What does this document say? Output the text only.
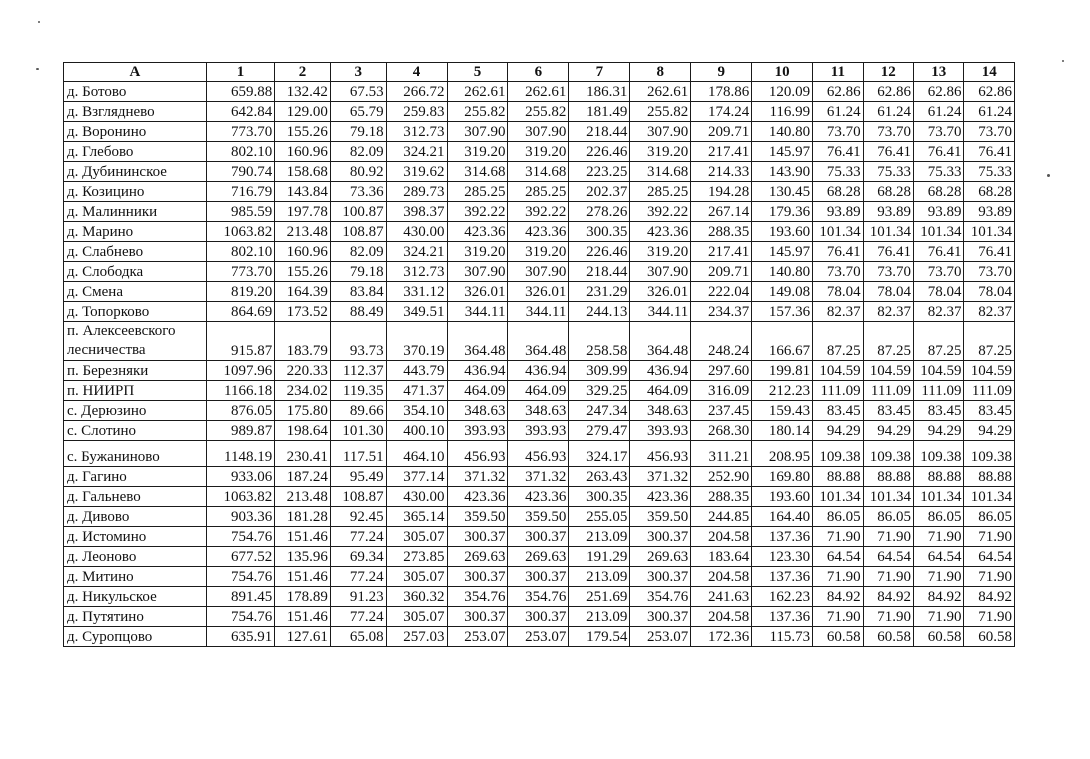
А	1	2	3	4	5	6	7	8	9	10	11	12	13	14
д. Ботово	659.88	132.42	67.53	266.72	262.61	262.61	186.31	262.61	178.86	120.09	62.86	62.86	62.86	62.86
д. Взгляднево	642.84	129.00	65.79	259.83	255.82	255.82	181.49	255.82	174.24	116.99	61.24	61.24	61.24	61.24
д. Воронино	773.70	155.26	79.18	312.73	307.90	307.90	218.44	307.90	209.71	140.80	73.70	73.70	73.70	73.70
д. Глебово	802.10	160.96	82.09	324.21	319.20	319.20	226.46	319.20	217.41	145.97	76.41	76.41	76.41	76.41
д. Дубининское	790.74	158.68	80.92	319.62	314.68	314.68	223.25	314.68	214.33	143.90	75.33	75.33	75.33	75.33
д. Козицино	716.79	143.84	73.36	289.73	285.25	285.25	202.37	285.25	194.28	130.45	68.28	68.28	68.28	68.28
д. Малинники	985.59	197.78	100.87	398.37	392.22	392.22	278.26	392.22	267.14	179.36	93.89	93.89	93.89	93.89
д. Марино	1063.82	213.48	108.87	430.00	423.36	423.36	300.35	423.36	288.35	193.60	101.34	101.34	101.34	101.34
д. Слабнево	802.10	160.96	82.09	324.21	319.20	319.20	226.46	319.20	217.41	145.97	76.41	76.41	76.41	76.41
д. Слободка	773.70	155.26	79.18	312.73	307.90	307.90	218.44	307.90	209.71	140.80	73.70	73.70	73.70	73.70
д. Смена	819.20	164.39	83.84	331.12	326.01	326.01	231.29	326.01	222.04	149.08	78.04	78.04	78.04	78.04
д. Топорково	864.69	173.52	88.49	349.51	344.11	344.11	244.13	344.11	234.37	157.36	82.37	82.37	82.37	82.37
п. Алексеевского лесничества	915.87	183.79	93.73	370.19	364.48	364.48	258.58	364.48	248.24	166.67	87.25	87.25	87.25	87.25
п. Березняки	1097.96	220.33	112.37	443.79	436.94	436.94	309.99	436.94	297.60	199.81	104.59	104.59	104.59	104.59
п. НИИРП	1166.18	234.02	119.35	471.37	464.09	464.09	329.25	464.09	316.09	212.23	111.09	111.09	111.09	111.09
с. Дерюзино	876.05	175.80	89.66	354.10	348.63	348.63	247.34	348.63	237.45	159.43	83.45	83.45	83.45	83.45
с. Слотино	989.87	198.64	101.30	400.10	393.93	393.93	279.47	393.93	268.30	180.14	94.29	94.29	94.29	94.29
с. Бужаниново	1148.19	230.41	117.51	464.10	456.93	456.93	324.17	456.93	311.21	208.95	109.38	109.38	109.38	109.38
д. Гагино	933.06	187.24	95.49	377.14	371.32	371.32	263.43	371.32	252.90	169.80	88.88	88.88	88.88	88.88
д. Гальнево	1063.82	213.48	108.87	430.00	423.36	423.36	300.35	423.36	288.35	193.60	101.34	101.34	101.34	101.34
д. Дивово	903.36	181.28	92.45	365.14	359.50	359.50	255.05	359.50	244.85	164.40	86.05	86.05	86.05	86.05
д. Истомино	754.76	151.46	77.24	305.07	300.37	300.37	213.09	300.37	204.58	137.36	71.90	71.90	71.90	71.90
д. Леоново	677.52	135.96	69.34	273.85	269.63	269.63	191.29	269.63	183.64	123.30	64.54	64.54	64.54	64.54
д. Митино	754.76	151.46	77.24	305.07	300.37	300.37	213.09	300.37	204.58	137.36	71.90	71.90	71.90	71.90
д. Никульское	891.45	178.89	91.23	360.32	354.76	354.76	251.69	354.76	241.63	162.23	84.92	84.92	84.92	84.92
д. Путятино	754.76	151.46	77.24	305.07	300.37	300.37	213.09	300.37	204.58	137.36	71.90	71.90	71.90	71.90
д. Суропцово	635.91	127.61	65.08	257.03	253.07	253.07	179.54	253.07	172.36	115.73	60.58	60.58	60.58	60.58
